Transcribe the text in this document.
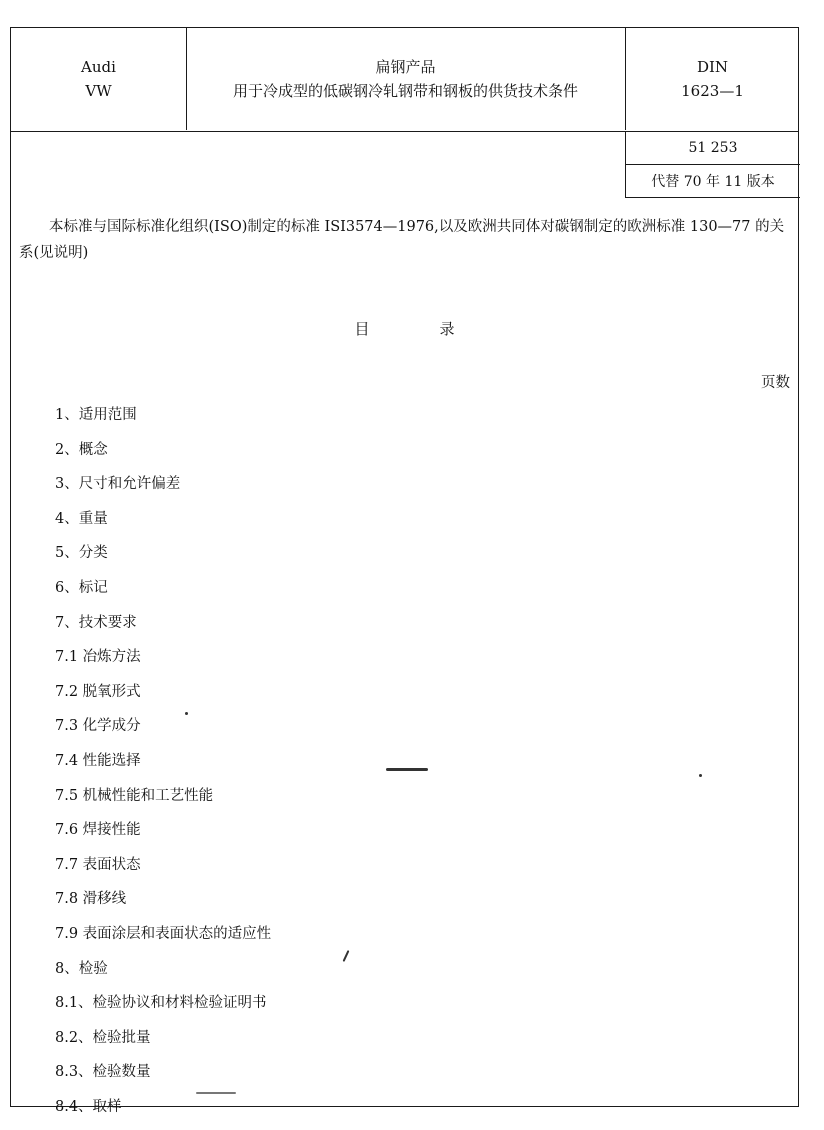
Audi
VW
扁钢产品
用于冷成型的低碳钢冷轧钢带和钢板的供货技术条件
DIN
1623—1
51 253
代替 70 年 11 版本

本标准与国际标准化组织(ISO)制定的标准 ISI3574—1976,以及欧洲共同体对碳钢制定的欧洲标准 130—77 的关系(见说明)

目录
页数
1、适用范围
2、概念
3、尺寸和允许偏差
4、重量
5、分类
6、标记
7、技术要求
7.1 冶炼方法
7.2 脱氧形式
7.3 化学成分
7.4 性能选择
7.5 机械性能和工艺性能
7.6 焊接性能
7.7 表面状态
7.8 滑移线
7.9 表面涂层和表面状态的适应性
8、检验
8.1、检验协议和材料检验证明书
8.2、检验批量
8.3、检验数量
8.4、取样
